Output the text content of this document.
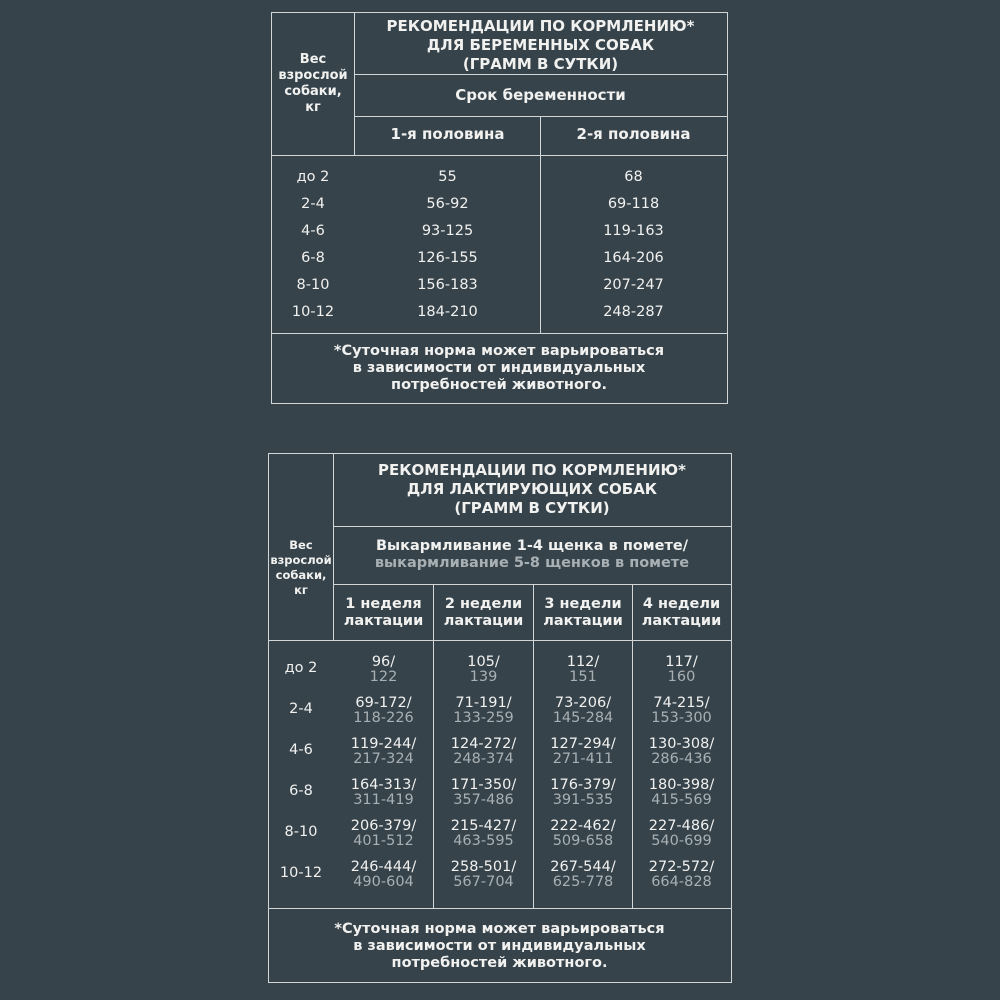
Вес
взрослой
собаки,
кг
РЕКОМЕНДАЦИИ ПО КОРМЛЕНИЮ*
ДЛЯ БЕРЕМЕННЫХ СОБАК
(ГРАММ В СУТКИ)
Срок беременности
1-я половина	2-я половина
до 2
2-4
4-6
6-8
8-10
10-12
55
56-92
93-125
126-155
156-183
184-210
68
69-118
119-163
164-206
207-247
248-287
*Суточная норма может варьироваться
в зависимости от индивидуальных
потребностей животного.
Вес
взрослой
собаки,
кг
РЕКОМЕНДАЦИИ ПО КОРМЛЕНИЮ*
ДЛЯ ЛАКТИРУЮЩИХ СОБАК
(ГРАММ В СУТКИ)
Выкармливание 1-4 щенка в помете/
выкармливание 5-8 щенков в помете
1 неделя
лактации
2 недели
лактации
3 недели
лактации
4 недели
лактации
до 2
2-4
4-6
6-8
8-10
10-12
96/
122
69-172/
118-226
119-244/
217-324
164-313/
311-419
206-379/
401-512
246-444/
490-604
105/
139
71-191/
133-259
124-272/
248-374
171-350/
357-486
215-427/
463-595
258-501/
567-704
112/
151
73-206/
145-284
127-294/
271-411
176-379/
391-535
222-462/
509-658
267-544/
625-778
117/
160
74-215/
153-300
130-308/
286-436
180-398/
415-569
227-486/
540-699
272-572/
664-828
*Суточная норма может варьироваться
в зависимости от индивидуальных
потребностей животного.
